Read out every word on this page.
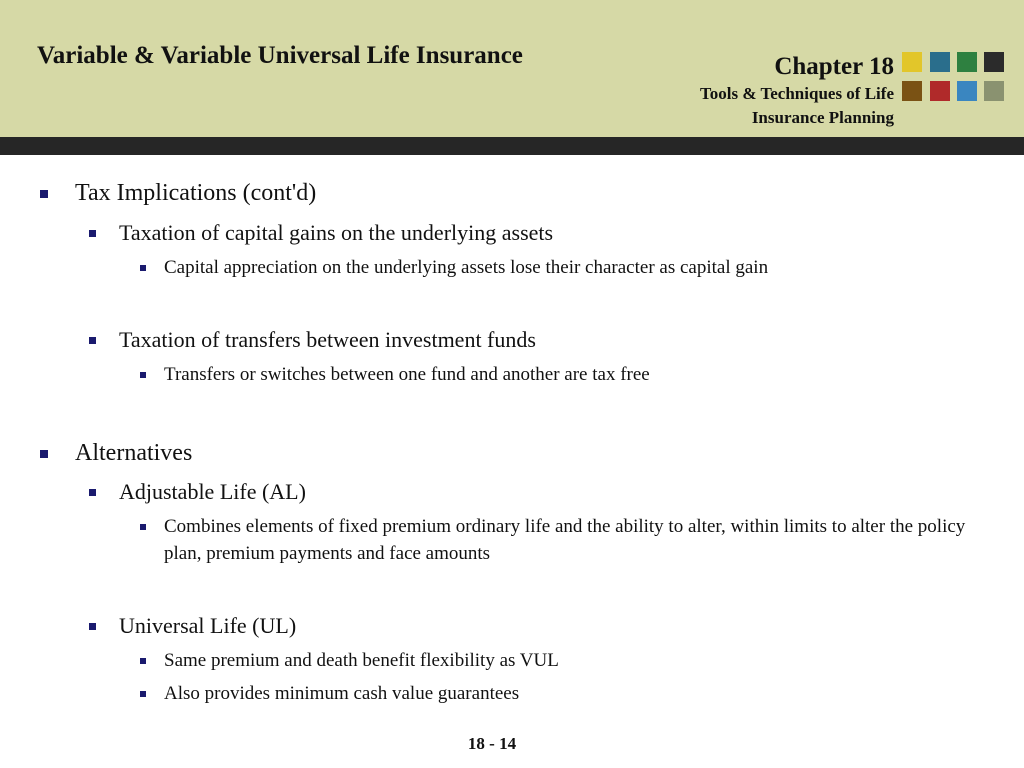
Variable & Variable Universal Life Insurance	Chapter 18
Tools & Techniques of Life
Insurance Planning
Tax Implications (cont'd)
Taxation of capital gains on the underlying assets
Capital appreciation on the underlying assets lose their character as capital gain
Taxation of transfers between investment funds
Transfers or switches between one fund and another are tax free
Alternatives
Adjustable Life (AL)
Combines elements of fixed premium ordinary life and the ability to alter, within limits to alter the policy plan, premium payments and face amounts
Universal Life (UL)
Same premium and death benefit flexibility as VUL
Also provides minimum cash value guarantees
18 - 14
